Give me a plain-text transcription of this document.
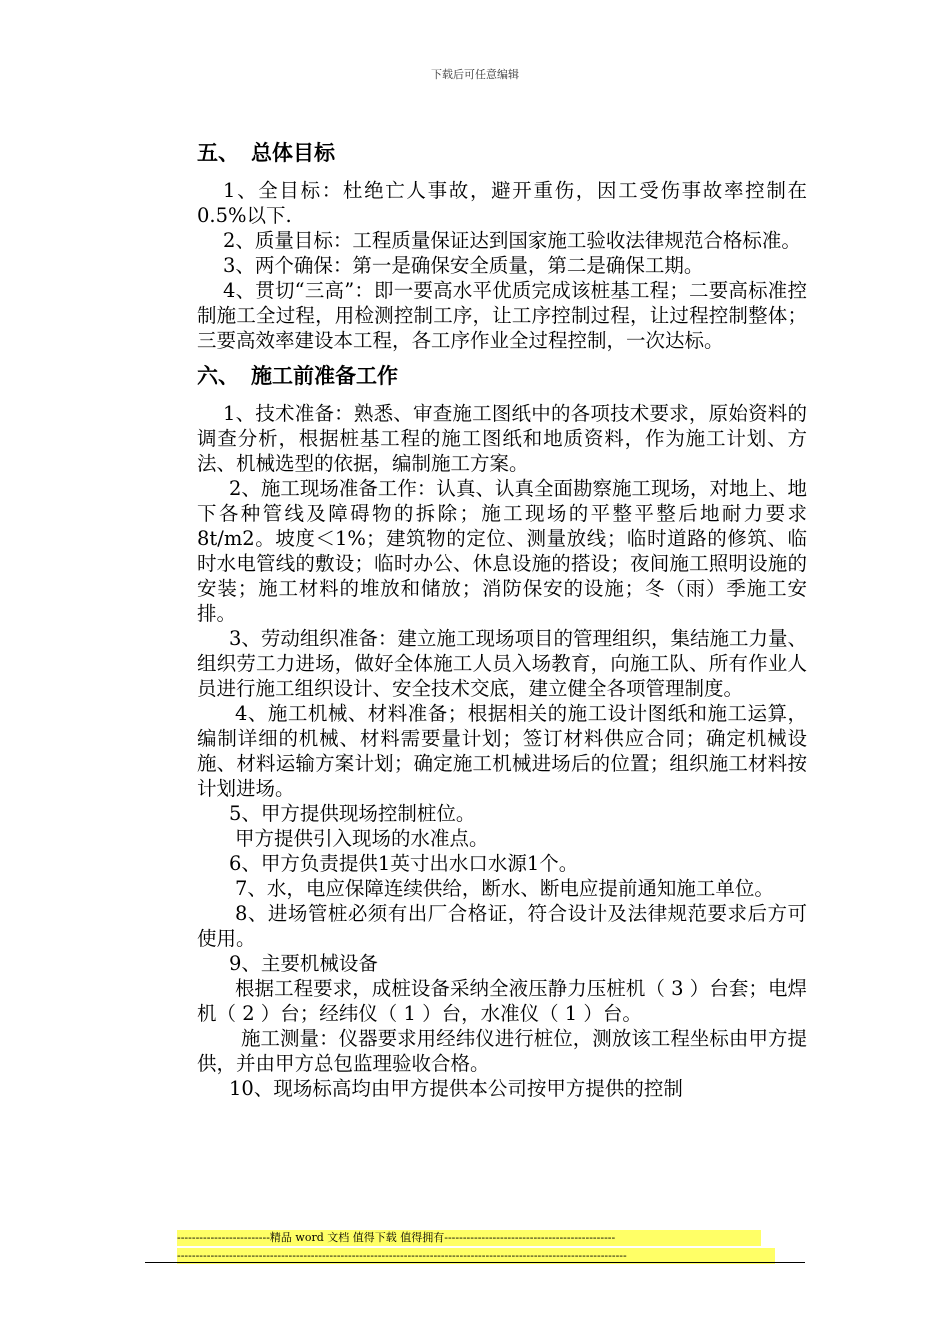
下载后可任意编辑
五、 总体目标

1、全目标：杜绝亡人事故，避开重伤，因工受伤事故率控制在0.5%以下.

2、质量目标：工程质量保证达到国家施工验收法律规范合格标准。

3、两个确保：第一是确保安全质量，第二是确保工期。

4、贯切“三高”：即一要高水平优质完成该桩基工程；二要高标准控制施工全过程，用检测控制工序，让工序控制过程，让过程控制整体；三要高效率建设本工程，各工序作业全过程控制，一次达标。

六、 施工前准备工作

1、技术准备：熟悉、审查施工图纸中的各项技术要求，原始资料的调查分析，根据桩基工程的施工图纸和地质资料，作为施工计划、方法、机械选型的依据，编制施工方案。

2、施工现场准备工作：认真、认真全面勘察施工现场，对地上、地下各种管线及障碍物的拆除；施工现场的平整平整后地耐力要求8t/m2。坡度＜1%；建筑物的定位、测量放线；临时道路的修筑、临时水电管线的敷设；临时办公、休息设施的搭设；夜间施工照明设施的安装；施工材料的堆放和储放；消防保安的设施；冬（雨）季施工安排。

3、劳动组织准备：建立施工现场项目的管理组织，集结施工力量、组织劳工力进场，做好全体施工人员入场教育，向施工队、所有作业人员进行施工组织设计、安全技术交底，建立健全各项管理制度。

4、施工机械、材料准备；根据相关的施工设计图纸和施工运算，编制详细的机械、材料需要量计划；签订材料供应合同；确定机械设施、材料运输方案计划；确定施工机械进场后的位置；组织施工材料按计划进场。

5、甲方提供现场控制桩位。

甲方提供引入现场的水准点。

6、甲方负责提供1英寸出水口水源1个。

7、水，电应保障连续供给，断水、断电应提前通知施工单位。

8、进场管桩必须有出厂合格证，符合设计及法律规范要求后方可使用。

9、主要机械设备

根据工程要求，成桩设备采纳全液压静力压桩机（ 3 ）台套；电焊机（ 2 ）台；经纬仪（ 1 ）台，水准仪（ 1 ）台。

施工测量：仪器要求用经纬仪进行桩位，测放该工程坐标由甲方提供，并由甲方总包监理验收合格。

10、现场标高均由甲方提供本公司按甲方提供的控制

-------------------------精品 word 文档 值得下载 值得拥有----------------------------------------------
-------------------------------------------------------------------------------------------------------------------------
